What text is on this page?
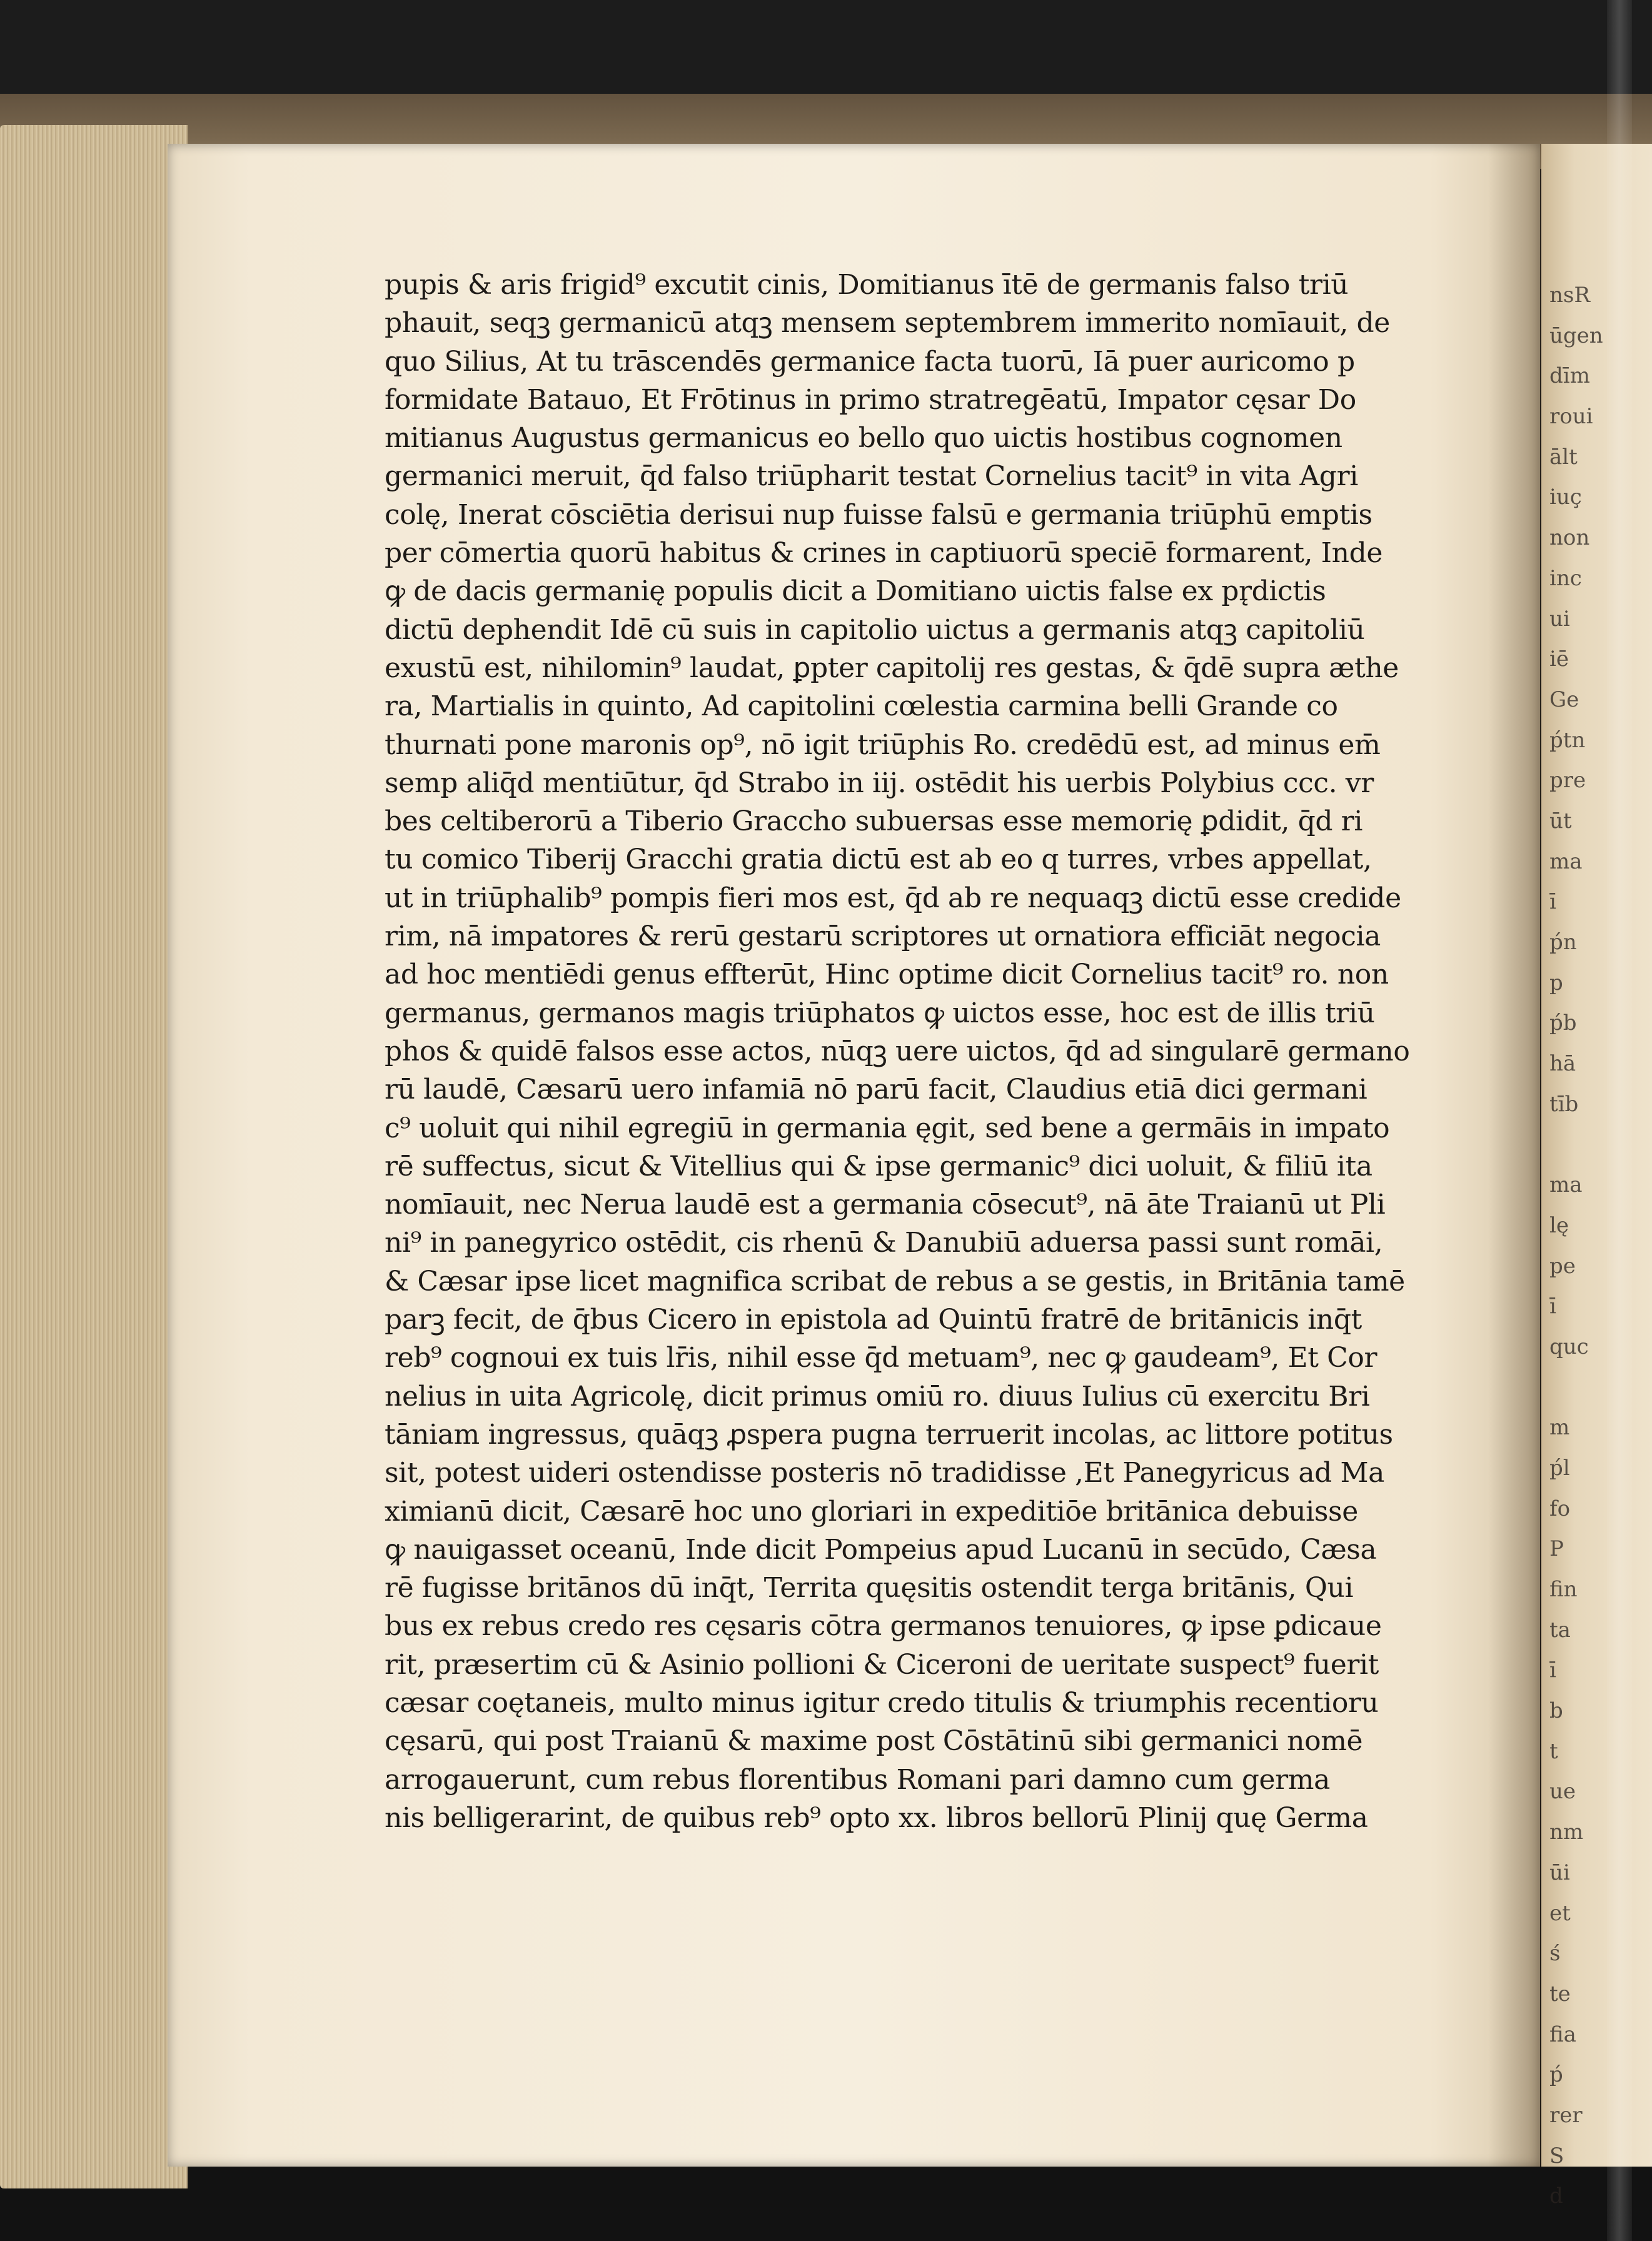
nsR
ūgen
dīm
roui
ālt
iuç
non
inc
ui
iē
Ge
ṕtn
pre
ūt
ma
ī
ṕn
p
ṕb
hā
tīb
ma
lę
pe
ī
quc
m
ṕl
fo
P
fin
ta
ī
b
t
ue
nm
ūi
et
ś
te
fia
ṕ
rer
S
d
pupis & aris frigid⁹ excutit cinis, Domitianus ītē de germanis falso triū
phauit, seqꝫ germanicū atqꝫ mensem septembrem immerito nomīauit, de
quo Silius, At tu trāscendēs germanice facta tuorū, Iā puer auricomo p
formidate Batauo, Et Frōtinus in primo stratregēatū, Impator cęsar Do
mitianus Augustus germanicus eo bello quo uictis hostibus cognomen
germanici meruit, q̄d falso triūpharit testat Cornelius tacit⁹ in vita Agri
colę, Inerat cōsciētia derisui nup fuisse falsū e germania triūphū emptis
per cōmertia quorū habitus & crines in captiuorū speciē formarent, Inde
ꝙ de dacis germanię populis dicit a Domitiano uictis false ex pr̨dictis
dictū dephendit Idē cū suis in capitolio uictus a germanis atqꝫ capitoliū
exustū est, nihilomin⁹ laudat, ꝑpter capitolij res gestas, & q̄dē supra æthe
ra, Martialis in quinto, Ad capitolini cœlestia carmina belli Grande co
thurnati pone maronis op⁹, nō igit triūphis Ro. credēdū est, ad minus em̄
semp aliq̄d mentiūtur, q̄d Strabo in iij. ostēdit his uerbis Polybius ccc. vr
bes celtiberorū a Tiberio Graccho subuersas esse memorię ꝑdidit, q̄d ri
tu comico Tiberij Gracchi gratia dictū est ab eo q turres, vrbes appellat,
ut in triūphalib⁹ pompis fieri mos est, q̄d ab re nequaqꝫ dictū esse credide
rim, nā impatores & rerū gestarū scriptores ut ornatiora efficiāt negocia
ad hoc mentiēdi genus effterūt, Hinc optime dicit Cornelius tacit⁹ ro. non
germanus, germanos magis triūphatos ꝙ uictos esse, hoc est de illis triū
phos & quidē falsos esse actos, nūqꝫ uere uictos, q̄d ad singularē germano
rū laudē, Cæsarū uero infamiā nō parū facit, Claudius etiā dici germani
c⁹ uoluit qui nihil egregiū in germania ęgit, sed bene a germāis in impato
rē suffectus, sicut & Vitellius qui & ipse germanic⁹ dici uoluit, & filiū ita
nomīauit, nec Nerua laudē est a germania cōsecut⁹, nā āte Traianū ut Pli
ni⁹ in panegyrico ostēdit, cis rhenū & Danubiū aduersa passi sunt romāi,
& Cæsar ipse licet magnifica scribat de rebus a se gestis, in Britānia tamē
parꝫ fecit, de q̄bus Cicero in epistola ad Quintū fratrē de britānicis inq̄t
reb⁹ cognoui ex tuis lr̄is, nihil esse q̄d metuam⁹, nec ꝙ gaudeam⁹, Et Cor
nelius in uita Agricolę, dicit primus omiū ro. diuus Iulius cū exercitu Bri
tāniam ingressus, quāqꝫ ꝓspera pugna terruerit incolas, ac littore potitus
sit, potest uideri ostendisse posteris nō tradidisse ,Et Panegyricus ad Ma
ximianū dicit, Cæsarē hoc uno gloriari in expeditiōe britānica debuisse
ꝙ nauigasset oceanū, Inde dicit Pompeius apud Lucanū in secūdo, Cæsa
rē fugisse britānos dū inq̄t, Territa quęsitis ostendit terga britānis, Qui
bus ex rebus credo res cęsaris cōtra germanos tenuiores, ꝙ ipse ꝑdicaue
rit, præsertim cū & Asinio pollioni & Ciceroni de ueritate suspect⁹ fuerit
cæsar coętaneis, multo minus igitur credo titulis & triumphis recentioru
cęsarū, qui post Traianū & maxime post Cōstātinū sibi germanici nomē
arrogauerunt, cum rebus florentibus Romani pari damno cum germa
nis belligerarint, de quibus reb⁹ opto xx. libros bellorū Plinij quę Germa
